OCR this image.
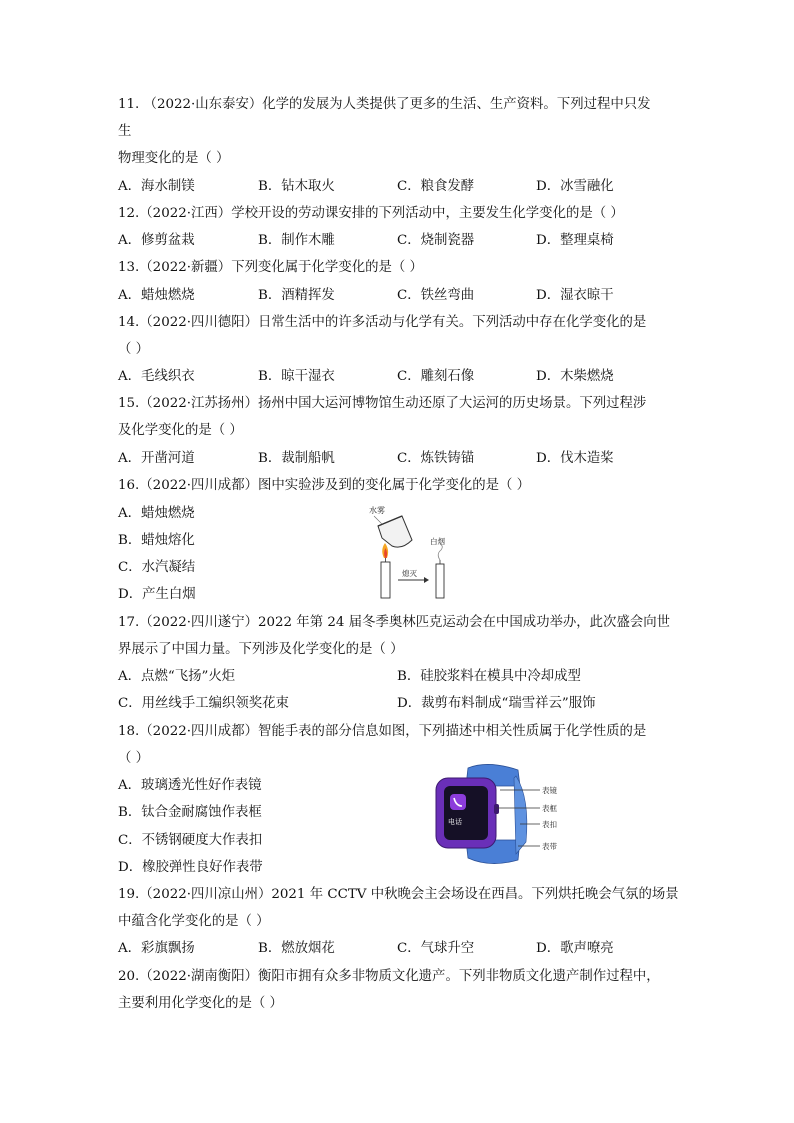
11. （2022·山东泰安）化学的发展为人类提供了更多的生活、生产资料。下列过程中只发
生
物理变化的是（ ）
A．海水制镁	B．钻木取火	C．粮食发酵	D．冰雪融化
12.（2022·江西）学校开设的劳动课安排的下列活动中，主要发生化学变化的是（ ）
A．修剪盆栽	B．制作木雕	C．烧制瓷器	D．整理桌椅
13.（2022·新疆）下列变化属于化学变化的是（ ）
A．蜡烛燃烧	B．酒精挥发	C．铁丝弯曲	D．湿衣晾干
14.（2022·四川德阳）日常生活中的许多活动与化学有关。下列活动中存在化学变化的是
（ ）
A．毛线织衣	B．晾干湿衣	C．雕刻石像	D．木柴燃烧
15.（2022·江苏扬州）扬州中国大运河博物馆生动还原了大运河的历史场景。下列过程涉
及化学变化的是（ ）
A．开凿河道	B．裁制船帆	C．炼铁铸锚	D．伐木造桨
16.（2022·四川成都）图中实验涉及到的变化属于化学变化的是（ ）
A．蜡烛燃烧
B．蜡烛熔化
C．水汽凝结
D．产生白烟
水雾
熄灭
白烟
17.（2022·四川遂宁）2022 年第 24 届冬季奥林匹克运动会在中国成功举办，此次盛会向世
界展示了中国力量。下列涉及化学变化的是（ ）
A．点燃“飞扬”火炬	B．硅胶浆料在模具中冷却成型
C．用丝线手工编织领奖花束	D．裁剪布料制成“瑞雪祥云”服饰
18.（2022·四川成都）智能手表的部分信息如图，下列描述中相关性质属于化学性质的是
（ ）
A．玻璃透光性好作表镜
B．钛合金耐腐蚀作表框
C．不锈钢硬度大作表扣
D．橡胶弹性良好作表带
电话
表镜
表框
表扣
表带
19.（2022·四川凉山州）2021 年 CCTV 中秋晚会主会场设在西昌。下列烘托晚会气氛的场景
中蕴含化学变化的是（ ）
A．彩旗飘扬	B．燃放烟花	C．气球升空	D．歌声嘹亮
20.（2022·湖南衡阳）衡阳市拥有众多非物质文化遗产。下列非物质文化遗产制作过程中，
主要利用化学变化的是（ ）
